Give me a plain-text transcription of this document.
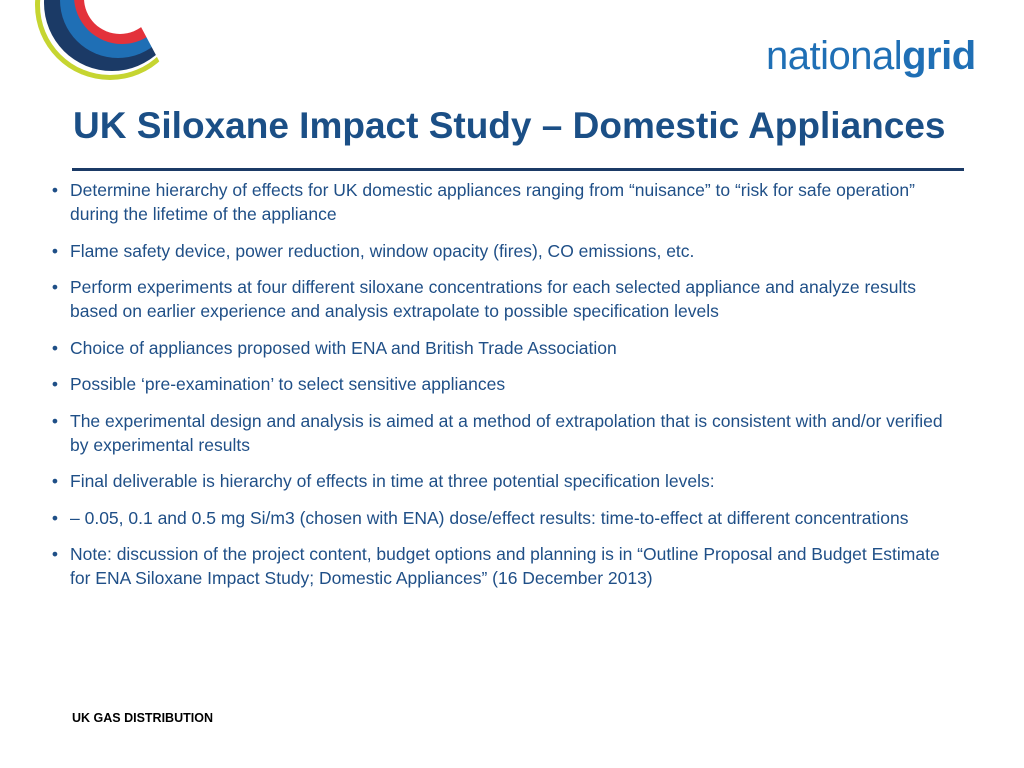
nationalgrid
UK Siloxane Impact Study – Domestic Appliances
• Determine hierarchy of effects for UK domestic appliances ranging from “nuisance” to “risk for safe operation” during the lifetime of the appliance
• Flame safety device, power reduction, window opacity (fires), CO emissions, etc.
• Perform experiments at four different siloxane concentrations for each selected appliance and analyze results based on earlier experience and analysis extrapolate to possible specification levels
• Choice of appliances proposed with ENA and British Trade Association
• Possible ‘pre-examination’ to select sensitive appliances
• The experimental design and analysis is aimed at a method of extrapolation that is consistent with and/or verified by experimental results
• Final deliverable is hierarchy of effects in time at three potential specification levels:
• – 0.05, 0.1 and 0.5 mg Si/m3 (chosen with ENA) dose/effect results: time-to-effect at different concentrations
• Note: discussion of the project content, budget options and planning is in “Outline Proposal and Budget Estimate for ENA Siloxane Impact Study; Domestic Appliances” (16 December 2013)
UK GAS DISTRIBUTION
